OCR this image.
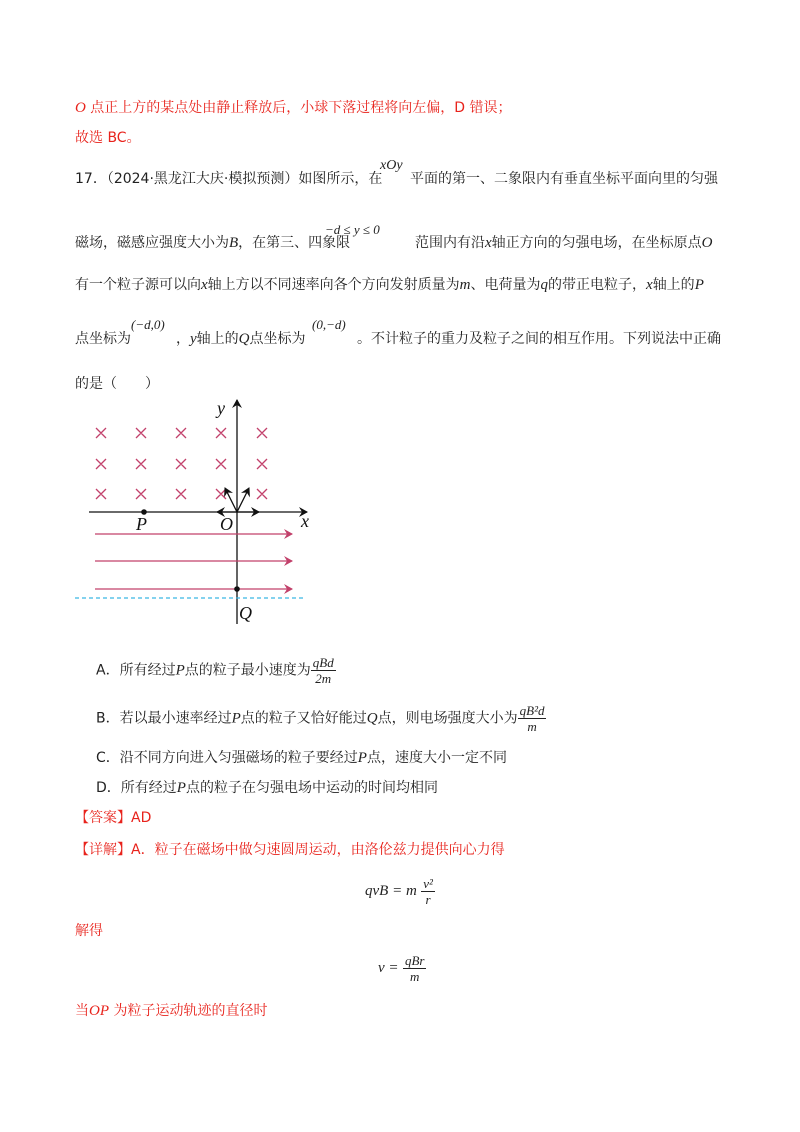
O 点正上方的某点处由静止释放后，小球下落过程将向左偏，D 错误；
故选 BC。
17．（2024·黑龙江大庆·模拟预测）如图所示，在
xOy
平面的第一、二象限内有垂直坐标平面向里的匀强
磁场，磁感应强度大小为B，在第三、四象限
−d ≤ y ≤ 0
范围内有沿x轴正方向的匀强电场，在坐标原点O
有一个粒子源可以向x轴上方以不同速率向各个方向发射质量为m、电荷量为q的带正电粒子，x轴上的P
点坐标为
(−d,0)
，y轴上的Q点坐标为
(0,−d)
。不计粒子的重力及粒子之间的相互作用。下列说法中正确
的是（　　）
y
x
P	O
Q
A．所有经过P点的粒子最小速度为 $\frac{\text{qBd}}{2m}$
B．若以最小速率经过P点的粒子又恰好能过Q点，则电场强度大小为 $\frac{\text{qB²d}}{m}$
C．沿不同方向进入匀强磁场的粒子要经过P点，速度大小一定不同
D．所有经过P点的粒子在匀强电场中运动的时间均相同
【答案】AD
【详解】A．粒子在磁场中做匀速圆周运动，由洛伦兹力提供向心力得
qvB = m $\frac{\text{v²}}{r}$
解得
$v = \frac{\text{qBr}}{m}$
当OP 为粒子运动轨迹的直径时
